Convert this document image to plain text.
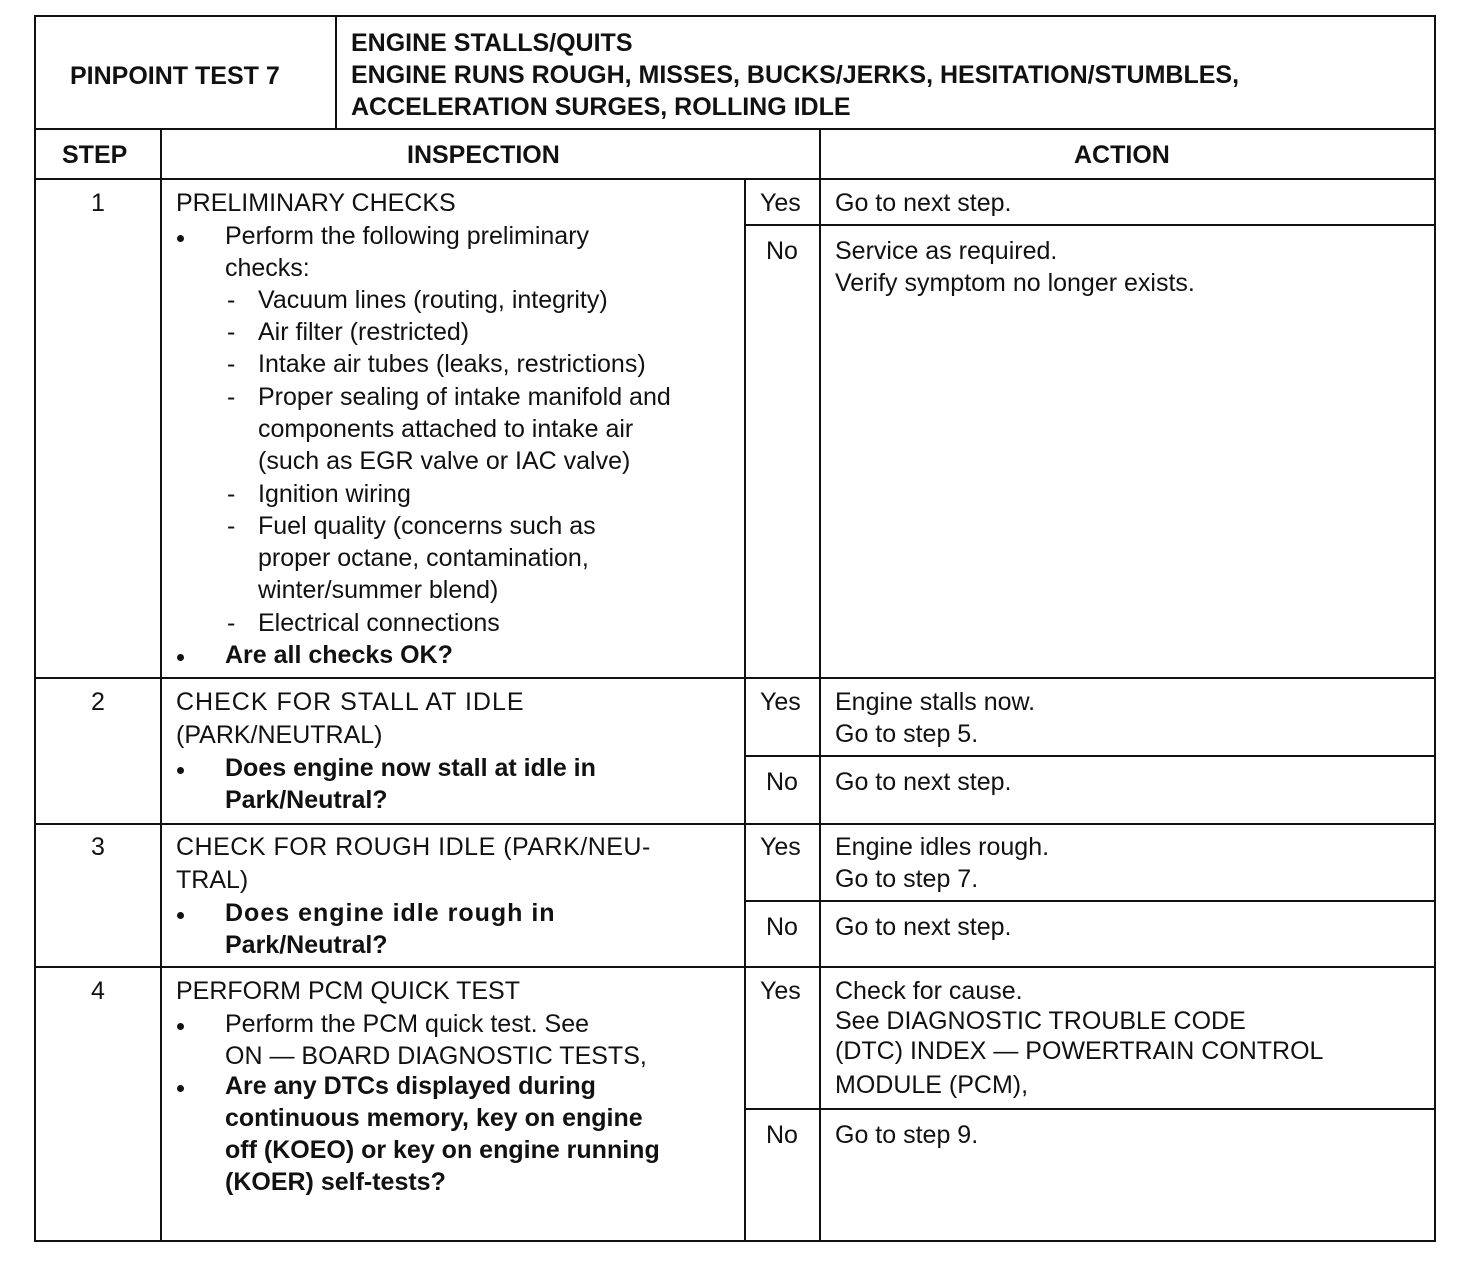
PINPOINT TEST 7
ENGINE STALLS/QUITS
ENGINE RUNS ROUGH, MISSES, BUCKS/JERKS, HESITATION/STUMBLES,
ACCELERATION SURGES, ROLLING IDLE
STEP	INSPECTION	ACTION
1	PRELIMINARY CHECKS
Perform the following preliminary
checks:
- Vacuum lines (routing, integrity)
- Air filter (restricted)
- Intake air tubes (leaks, restrictions)
- Proper sealing of intake manifold and
components attached to intake air
(such as EGR valve or IAC valve)
- Ignition wiring
- Fuel quality (concerns such as
proper octane, contamination,
winter/summer blend)
- Electrical connections
Are all checks OK?
Yes Go to next step.
No Service as required.
Verify symptom no longer exists.
2	CHECK FOR STALL AT IDLE
(PARK/NEUTRAL)
Does engine now stall at idle in
Park/Neutral?
Yes Engine stalls now.
Go to step 5.
No Go to next step.
3	CHECK FOR ROUGH IDLE (PARK/NEU-
TRAL)
Does engine idle rough in
Park/Neutral?
Yes Engine idles rough.
Go to step 7.
No Go to next step.
4	PERFORM PCM QUICK TEST
Perform the PCM quick test. See
ON — BOARD DIAGNOSTIC TESTS,
Are any DTCs displayed during
continuous memory, key on engine
off (KOEO) or key on engine running
(KOER) self-tests?
Yes Check for cause.
See DIAGNOSTIC TROUBLE CODE
(DTC) INDEX — POWERTRAIN CONTROL
MODULE (PCM),
No Go to step 9.
